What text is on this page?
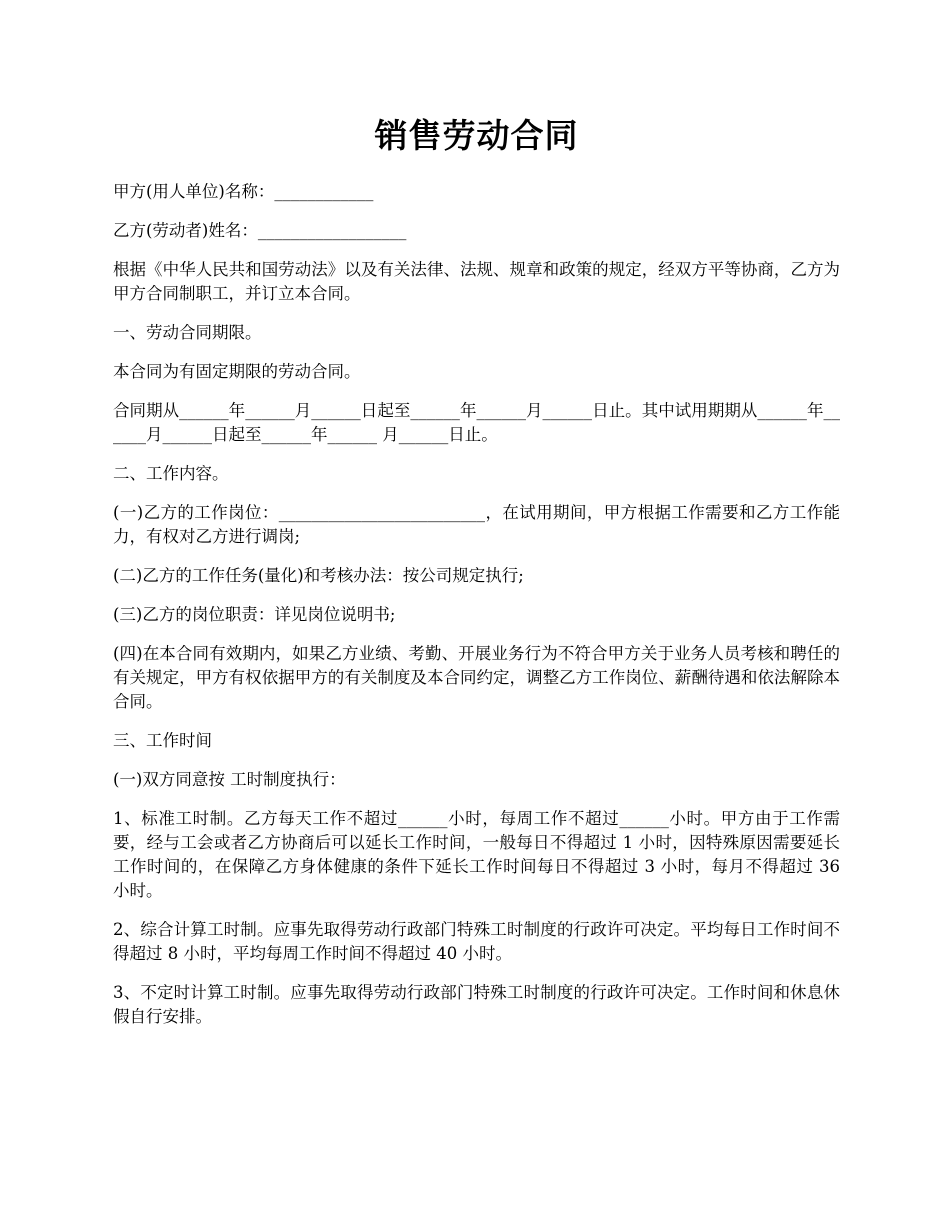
销售劳动合同

甲方(用人单位)名称：____________

乙方(劳动者)姓名：__________________

根据《中华人民共和国劳动法》以及有关法律、法规、规章和政策的规定，经双方平等协商，乙方为甲方合同制职工，并订立本合同。

一、劳动合同期限。

本合同为有固定期限的劳动合同。

合同期从______年______月______日起至______年______月______日止。其中试用期期从______年______月______日起至______年______ 月______日止。

二、工作内容。

(一)乙方的工作岗位：_________________________，在试用期间，甲方根据工作需要和乙方工作能力，有权对乙方进行调岗;

(二)乙方的工作任务(量化)和考核办法：按公司规定执行;

(三)乙方的岗位职责：详见岗位说明书;

(四)在本合同有效期内，如果乙方业绩、考勤、开展业务行为不符合甲方关于业务人员考核和聘任的有关规定，甲方有权依据甲方的有关制度及本合同约定，调整乙方工作岗位、薪酬待遇和依法解除本合同。

三、工作时间

(一)双方同意按 工时制度执行：

1、标准工时制。乙方每天工作不超过______小时，每周工作不超过______小时。甲方由于工作需要，经与工会或者乙方协商后可以延长工作时间，一般每日不得超过 1 小时，因特殊原因需要延长工作时间的，在保障乙方身体健康的条件下延长工作时间每日不得超过 3 小时，每月不得超过 36 小时。

2、综合计算工时制。应事先取得劳动行政部门特殊工时制度的行政许可决定。平均每日工作时间不得超过 8 小时，平均每周工作时间不得超过 40 小时。

3、不定时计算工时制。应事先取得劳动行政部门特殊工时制度的行政许可决定。工作时间和休息休假自行安排。
